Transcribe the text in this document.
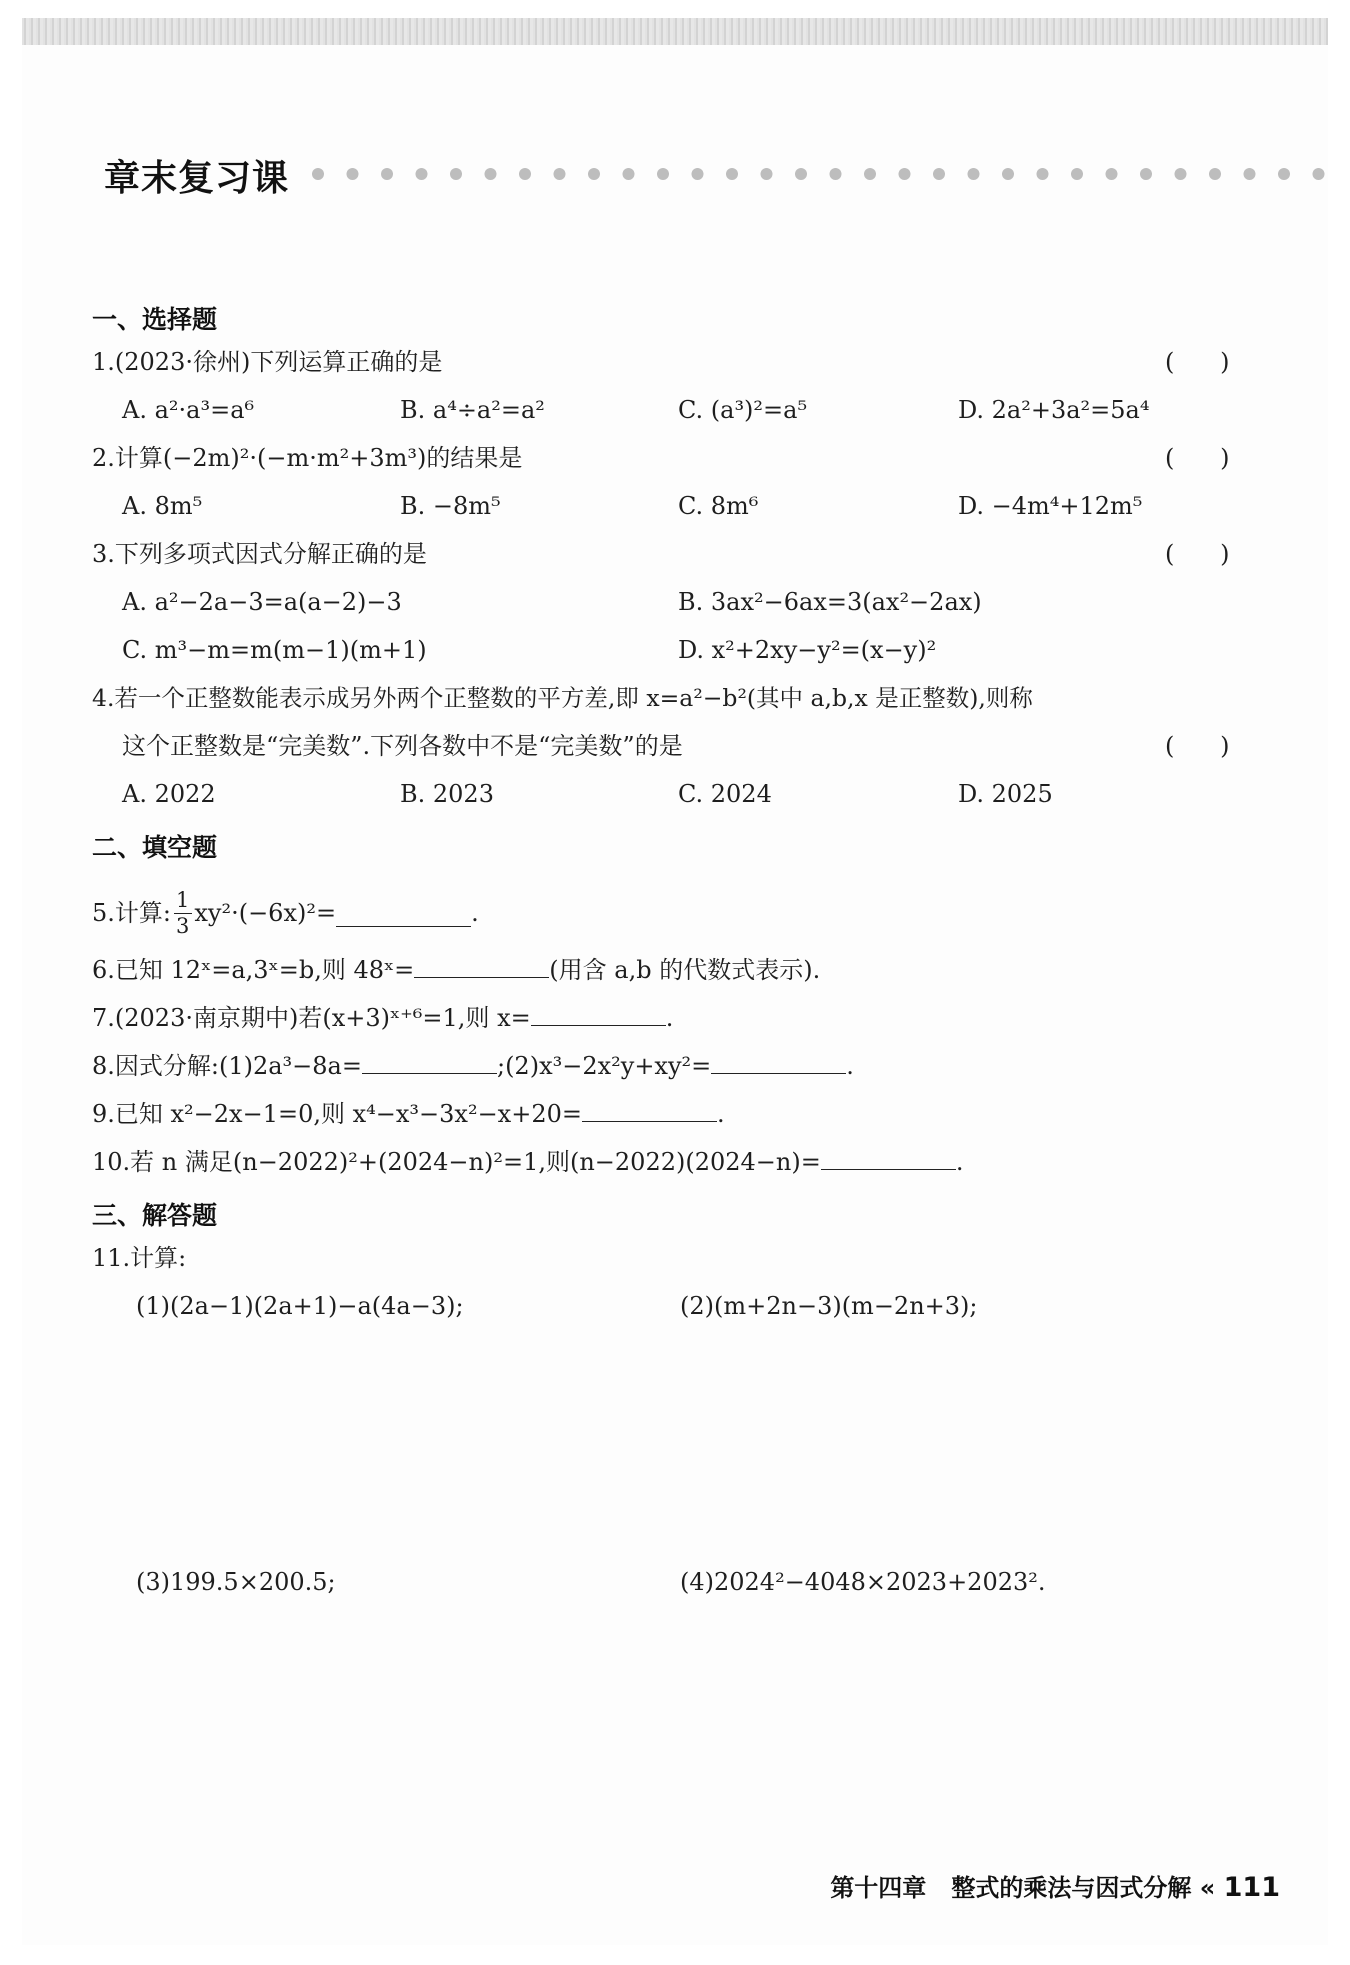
章末复习课
一、选择题
1.(2023·徐州)下列运算正确的是	(      )
A. a²·a³=a⁶	B. a⁴÷a²=a²	C. (a³)²=a⁵	D. 2a²+3a²=5a⁴
2.计算(−2m)²·(−m·m²+3m³)的结果是	(      )
A. 8m⁵	B. −8m⁵	C. 8m⁶	D. −4m⁴+12m⁵
3.下列多项式因式分解正确的是	(      )
A. a²−2a−3=a(a−2)−3	B. 3ax²−6ax=3(ax²−2ax)
C. m³−m=m(m−1)(m+1)	D. x²+2xy−y²=(x−y)²
4.若一个正整数能表示成另外两个正整数的平方差,即 x=a²−b²(其中 a,b,x 是正整数),则称
这个正整数是“完美数”.下列各数中不是“完美数”的是	(      )
A. 2022	B. 2023	C. 2024	D. 2025
二、填空题
5.计算: 1
3 xy²·(−6x)²=	.
6.已知 12ˣ=a,3ˣ=b,则 48ˣ=	(用含 a,b 的代数式表示).
7.(2023·南京期中)若(x+3)ˣ⁺⁶=1,则 x=	.
8.因式分解:(1)2a³−8a=	;(2)x³−2x²y+xy²=	.
9.已知 x²−2x−1=0,则 x⁴−x³−3x²−x+20=	.
10.若 n 满足(n−2022)²+(2024−n)²=1,则(n−2022)(2024−n)=	.
三、解答题
11.计算:
(1)(2a−1)(2a+1)−a(4a−3);	(2)(m+2n−3)(m−2n+3);
(3)199.5×200.5;	(4)2024²−4048×2023+2023².
第十四章   整式的乘法与因式分解 « 111
